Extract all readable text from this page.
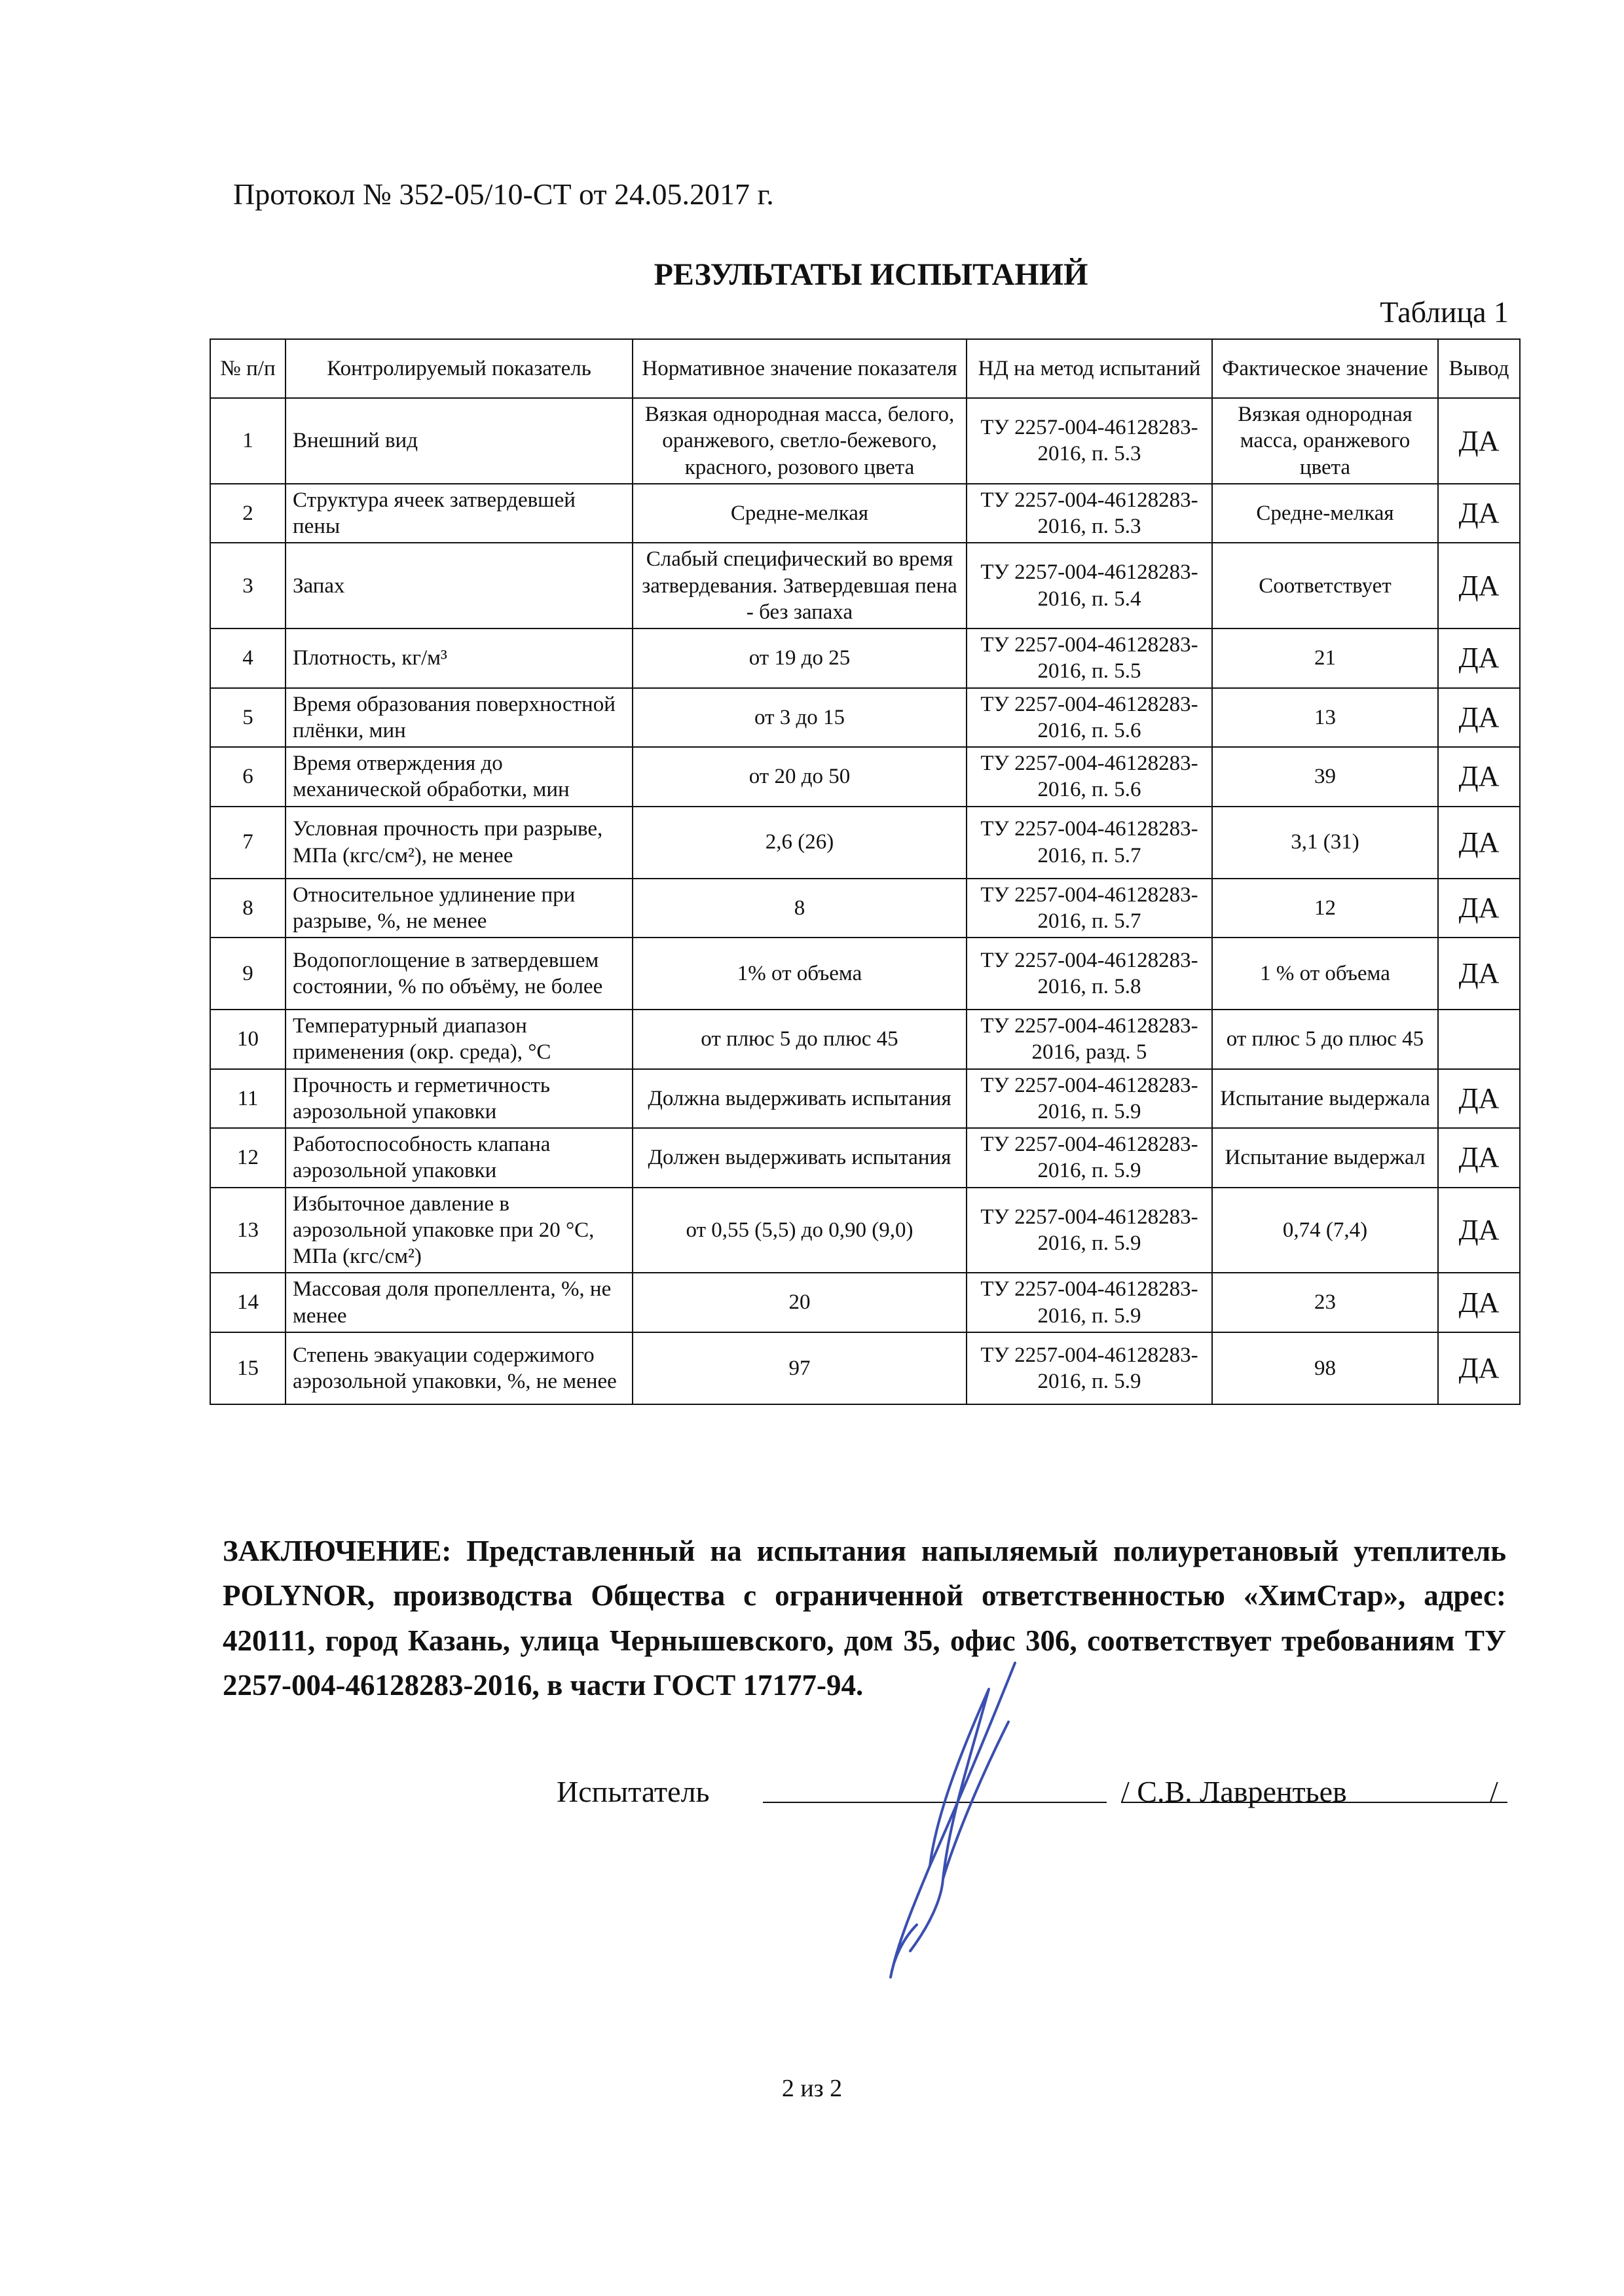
Протокол № 352-05/10-СТ от 24.05.2017 г.
РЕЗУЛЬТАТЫ ИСПЫТАНИЙ
Таблица 1
№ п/п	Контролируемый показатель	Нормативное значение показателя	НД на метод испытаний	Фактическое значение	Вывод
1	Внешний вид	Вязкая однородная масса, белого, оранжевого, светло-бежевого, красного, розового цвета	ТУ 2257-004-46128283-2016, п. 5.3	Вязкая однородная масса, оранжевого цвета	ДА
2	Структура ячеек затвердевшей пены	Средне-мелкая	ТУ 2257-004-46128283-2016, п. 5.3	Средне-мелкая	ДА
3	Запах	Слабый специфический во время затвердевания. Затвердевшая пена - без запаха	ТУ 2257-004-46128283-2016, п. 5.4	Соответствует	ДА
4	Плотность, кг/м³	от 19 до 25	ТУ 2257-004-46128283-2016, п. 5.5	21	ДА
5	Время образования поверхностной плёнки, мин	от 3 до 15	ТУ 2257-004-46128283-2016, п. 5.6	13	ДА
6	Время отверждения до механической обработки, мин	от 20 до 50	ТУ 2257-004-46128283-2016, п. 5.6	39	ДА
7	Условная прочность при разрыве, МПа (кгс/см²), не менее	2,6 (26)	ТУ 2257-004-46128283-2016, п. 5.7	3,1 (31)	ДА
8	Относительное удлинение при разрыве, %, не менее	8	ТУ 2257-004-46128283-2016, п. 5.7	12	ДА
9	Водопоглощение в затвердевшем состоянии, % по объёму, не более	1% от объема	ТУ 2257-004-46128283-2016, п. 5.8	1 % от объема	ДА
10	Температурный диапазон применения (окр. среда), °С	от плюс 5 до плюс 45	ТУ 2257-004-46128283-2016, разд. 5	от плюс 5 до плюс 45	
11	Прочность и герметичность аэрозольной упаковки	Должна выдерживать испытания	ТУ 2257-004-46128283-2016, п. 5.9	Испытание выдержала	ДА
12	Работоспособность клапана аэрозольной упаковки	Должен выдерживать испытания	ТУ 2257-004-46128283-2016, п. 5.9	Испытание выдержал	ДА
13	Избыточное давление в аэрозольной упаковке при 20 °С, МПа (кгс/см²)	от 0,55 (5,5) до 0,90 (9,0)	ТУ 2257-004-46128283-2016, п. 5.9	0,74 (7,4)	ДА
14	Массовая доля пропеллента, %, не менее	20	ТУ 2257-004-46128283-2016, п. 5.9	23	ДА
15	Степень эвакуации содержимого аэрозольной упаковки, %, не менее	97	ТУ 2257-004-46128283-2016, п. 5.9	98	ДА
ЗАКЛЮЧЕНИЕ: Представленный на испытания напыляемый полиуретановый утеплитель POLYNOR, производства Общества с ограниченной ответственностью «ХимСтар», адрес: 420111, город Казань, улица Чернышевского, дом 35, офис 306, соответствует требованиям ТУ 2257-004-46128283-2016, в части ГОСТ 17177-94.
Испытатель	/ С.В. Лаврентьев	/
2 из 2
